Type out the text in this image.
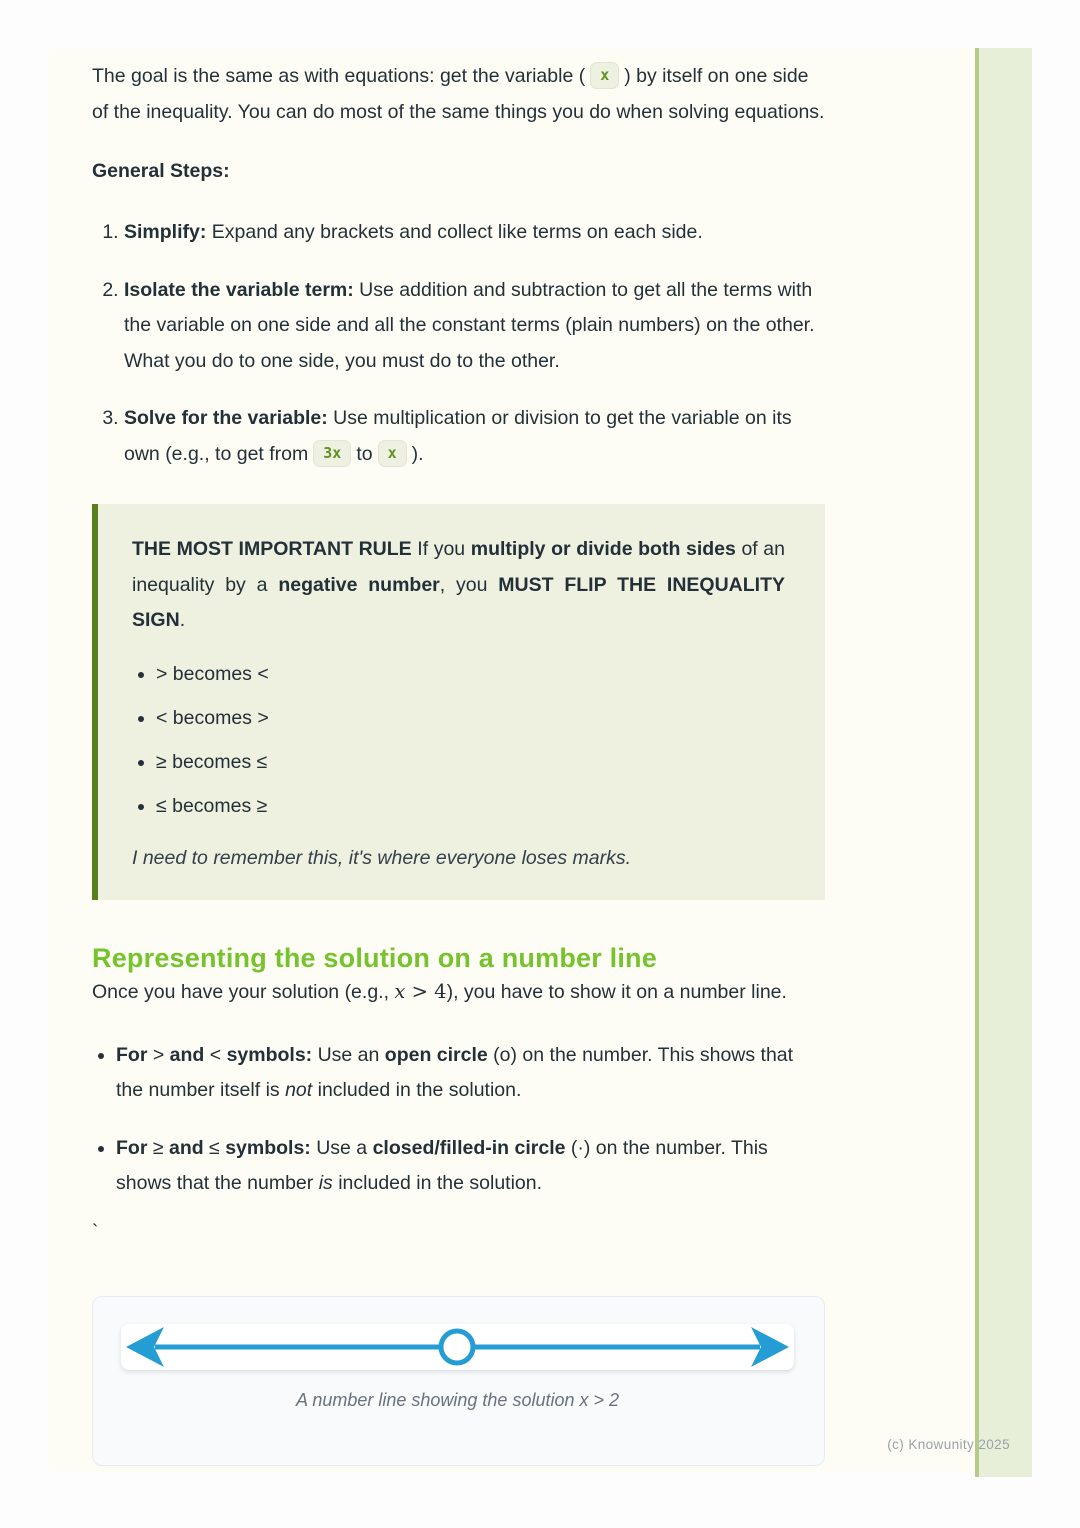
The goal is the same as with equations: get the variable ( x ) by itself on one side of the inequality. You can do most of the same things you do when solving equations.

General Steps:

1. Simplify: Expand any brackets and collect like terms on each side.
2. Isolate the variable term: Use addition and subtraction to get all the terms with the variable on one side and all the constant terms (plain numbers) on the other. What you do to one side, you must do to the other.
3. Solve for the variable: Use multiplication or division to get the variable on its own (e.g., to get from 3x to x ).

THE MOST IMPORTANT RULE If you multiply or divide both sides of an inequality by a negative number, you MUST FLIP THE INEQUALITY SIGN.

• > becomes <
• < becomes >
• ≥ becomes ≤
• ≤ becomes ≥

I need to remember this, it's where everyone loses marks.

Representing the solution on a number line

Once you have your solution (e.g., x > 4), you have to show it on a number line.

• For > and < symbols: Use an open circle (o) on the number. This shows that the number itself is not included in the solution.
• For ≥ and ≤ symbols: Use a closed/filled-in circle (·) on the number. This shows that the number is included in the solution.

`

A number line showing the solution x > 2

(c) Knowunity 2025
